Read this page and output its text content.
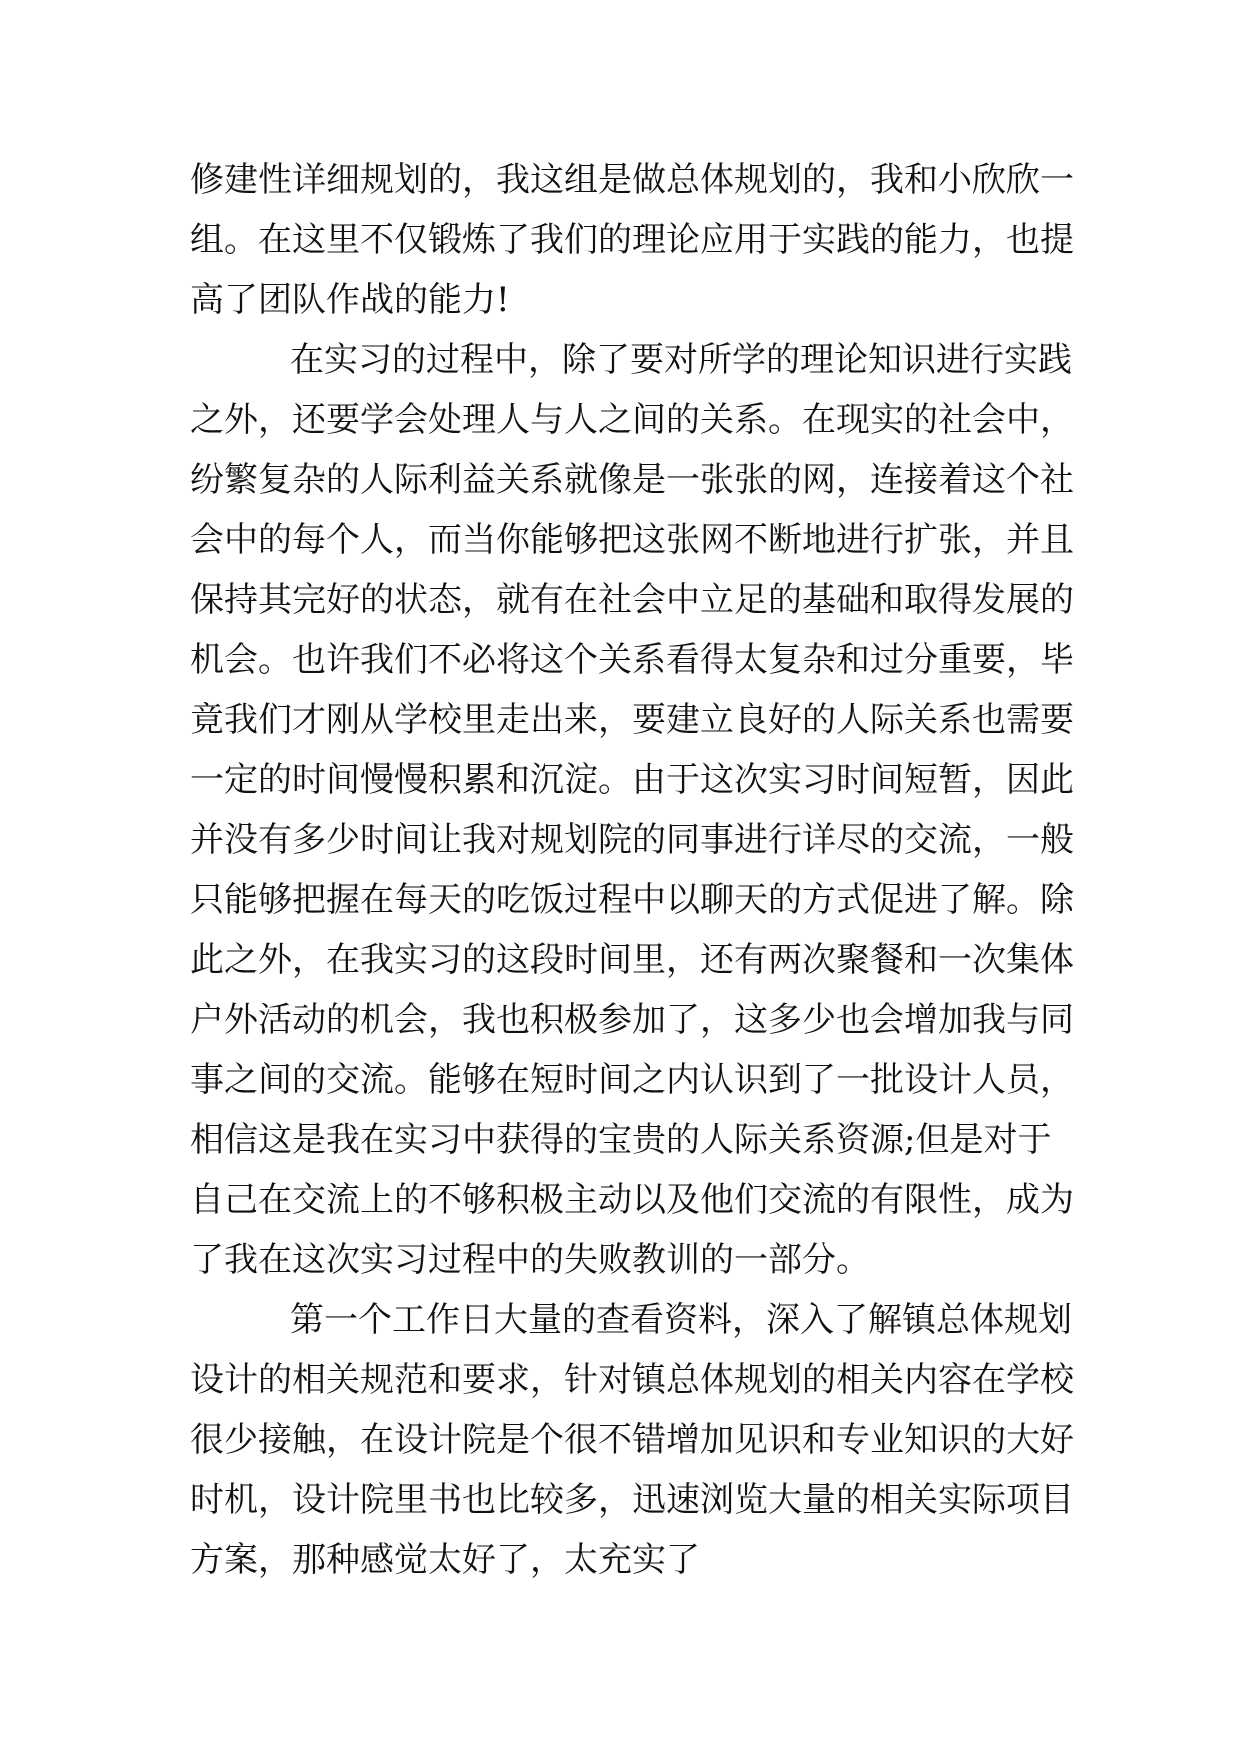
修建性详细规划的，我这组是做总体规划的，我和小欣欣一
组。在这里不仅锻炼了我们的理论应用于实践的能力，也提
高了团队作战的能力!
在实习的过程中，除了要对所学的理论知识进行实践
之外，还要学会处理人与人之间的关系。在现实的社会中，
纷繁复杂的人际利益关系就像是一张张的网，连接着这个社
会中的每个人，而当你能够把这张网不断地进行扩张，并且
保持其完好的状态，就有在社会中立足的基础和取得发展的
机会。也许我们不必将这个关系看得太复杂和过分重要，毕
竟我们才刚从学校里走出来，要建立良好的人际关系也需要
一定的时间慢慢积累和沉淀。由于这次实习时间短暂，因此
并没有多少时间让我对规划院的同事进行详尽的交流，一般
只能够把握在每天的吃饭过程中以聊天的方式促进了解。除
此之外，在我实习的这段时间里，还有两次聚餐和一次集体
户外活动的机会，我也积极参加了，这多少也会增加我与同
事之间的交流。能够在短时间之内认识到了一批设计人员，
相信这是我在实习中获得的宝贵的人际关系资源;但是对于
自己在交流上的不够积极主动以及他们交流的有限性，成为
了我在这次实习过程中的失败教训的一部分。
第一个工作日大量的查看资料，深入了解镇总体规划
设计的相关规范和要求，针对镇总体规划的相关内容在学校
很少接触，在设计院是个很不错增加见识和专业知识的大好
时机，设计院里书也比较多，迅速浏览大量的相关实际项目
方案，那种感觉太好了，太充实了
